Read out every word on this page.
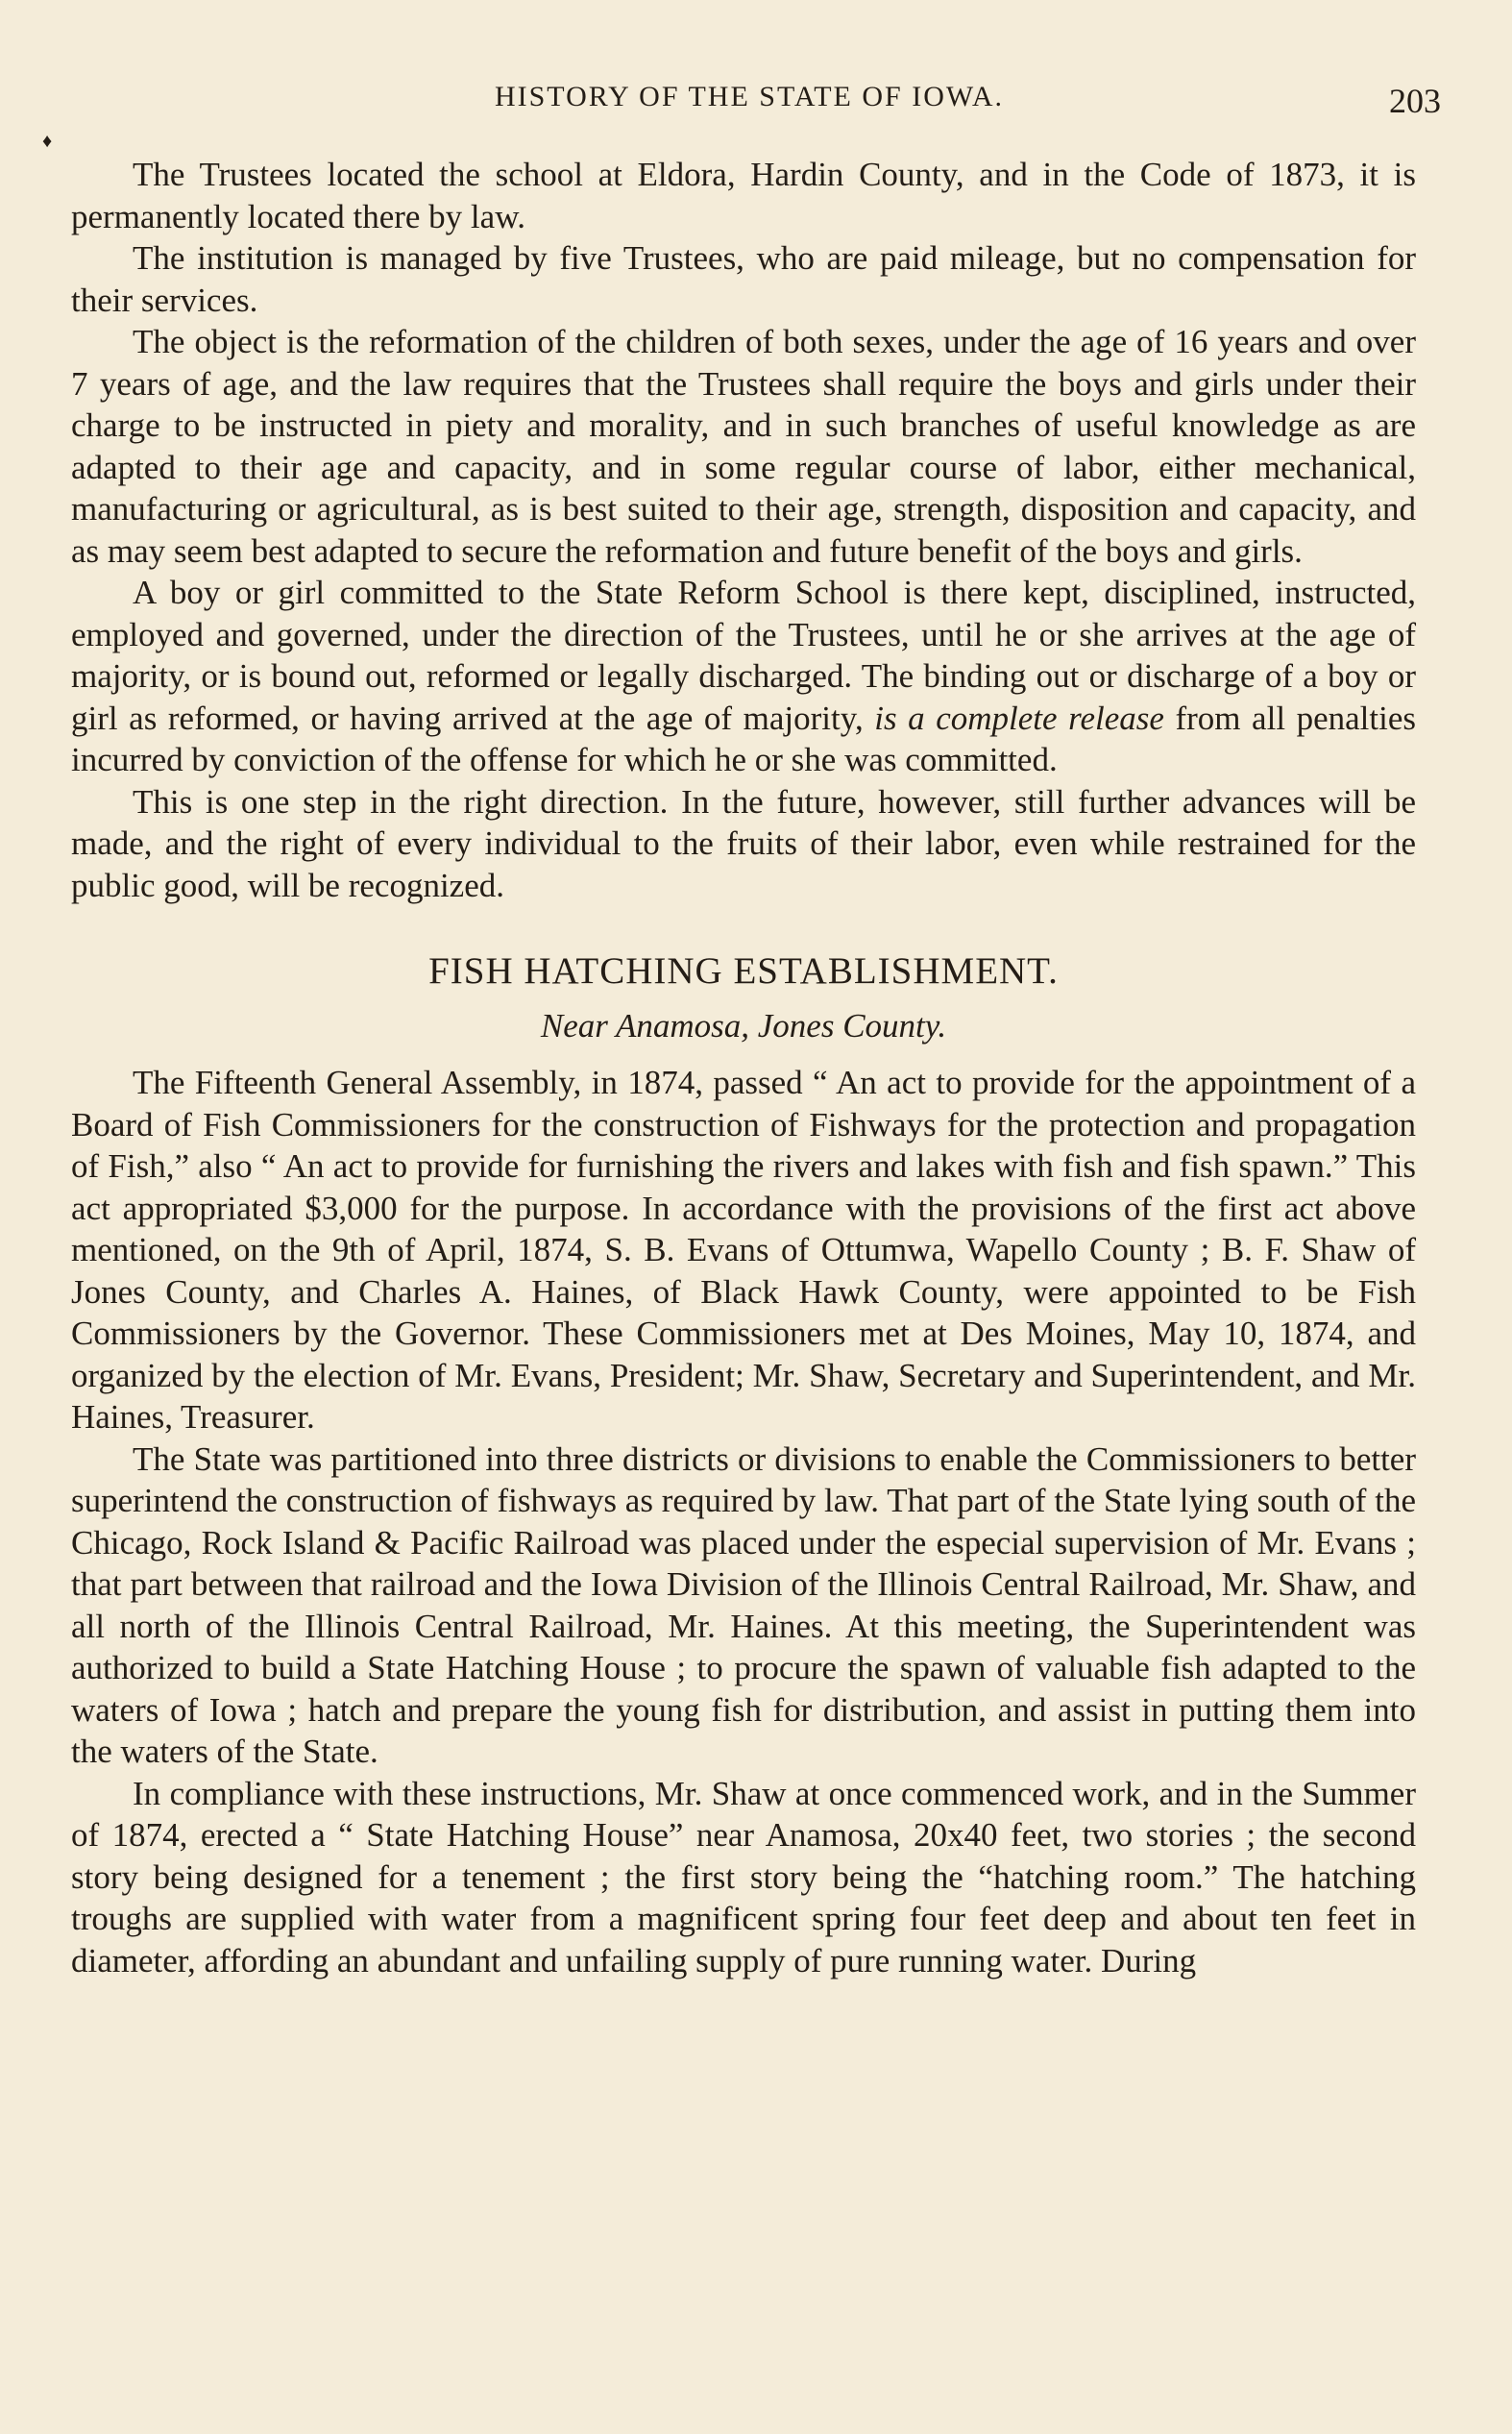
HISTORY OF THE STATE OF IOWA.	203
♦

The Trustees located the school at Eldora, Hardin County, and in the Code of 1873, it is permanently located there by law.

The institution is managed by five Trustees, who are paid mileage, but no compensation for their services.

The object is the reformation of the children of both sexes, under the age of 16 years and over 7 years of age, and the law requires that the Trustees shall require the boys and girls under their charge to be instructed in piety and morality, and in such branches of useful knowledge as are adapted to their age and capacity, and in some regular course of labor, either mechanical, manufacturing or agricultural, as is best suited to their age, strength, disposition and capacity, and as may seem best adapted to secure the reformation and future benefit of the boys and girls.

A boy or girl committed to the State Reform School is there kept, disciplined, instructed, employed and governed, under the direction of the Trustees, until he or she arrives at the age of majority, or is bound out, reformed or legally discharged. The binding out or discharge of a boy or girl as reformed, or having arrived at the age of majority, is a complete release from all penalties incurred by conviction of the offense for which he or she was committed.

This is one step in the right direction. In the future, however, still further advances will be made, and the right of every individual to the fruits of their labor, even while restrained for the public good, will be recognized.

FISH HATCHING ESTABLISHMENT.
Near Anamosa, Jones County.

The Fifteenth General Assembly, in 1874, passed “ An act to provide for the appointment of a Board of Fish Commissioners for the construction of Fishways for the protection and propagation of Fish,” also “ An act to provide for furnishing the rivers and lakes with fish and fish spawn.” This act appropriated $3,000 for the purpose. In accordance with the provisions of the first act above mentioned, on the 9th of April, 1874, S. B. Evans of Ottumwa, Wapello County ; B. F. Shaw of Jones County, and Charles A. Haines, of Black Hawk County, were appointed to be Fish Commissioners by the Governor. These Commissioners met at Des Moines, May 10, 1874, and organized by the election of Mr. Evans, President; Mr. Shaw, Secretary and Superintendent, and Mr. Haines, Treasurer.

The State was partitioned into three districts or divisions to enable the Commissioners to better superintend the construction of fishways as required by law. That part of the State lying south of the Chicago, Rock Island & Pacific Railroad was placed under the especial supervision of Mr. Evans ; that part between that railroad and the Iowa Division of the Illinois Central Railroad, Mr. Shaw, and all north of the Illinois Central Railroad, Mr. Haines. At this meeting, the Superintendent was authorized to build a State Hatching House ; to procure the spawn of valuable fish adapted to the waters of Iowa ; hatch and prepare the young fish for distribution, and assist in putting them into the waters of the State.

In compliance with these instructions, Mr. Shaw at once commenced work, and in the Summer of 1874, erected a “ State Hatching House” near Anamosa, 20x40 feet, two stories ; the second story being designed for a tenement ; the first story being the “hatching room.” The hatching troughs are supplied with water from a magnificent spring four feet deep and about ten feet in diameter, affording an abundant and unfailing supply of pure running water. During
